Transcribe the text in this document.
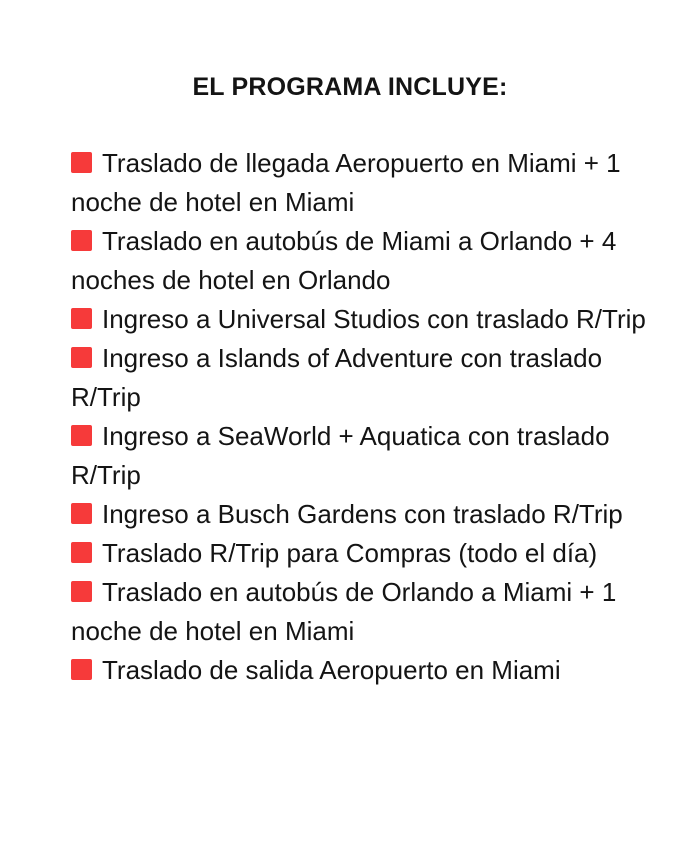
EL PROGRAMA INCLUYE:
Traslado de llegada Aeropuerto en Miami + 1 noche de hotel en Miami
Traslado en autobús de Miami a Orlando + 4 noches de hotel en Orlando
Ingreso a Universal Studios con traslado R/Trip
Ingreso a Islands of Adventure con traslado R/Trip
Ingreso a SeaWorld + Aquatica con traslado R/Trip
Ingreso a Busch Gardens con traslado R/Trip
Traslado R/Trip para Compras (todo el día)
Traslado en autobús de Orlando a Miami + 1 noche de hotel en Miami
Traslado de salida Aeropuerto en Miami
